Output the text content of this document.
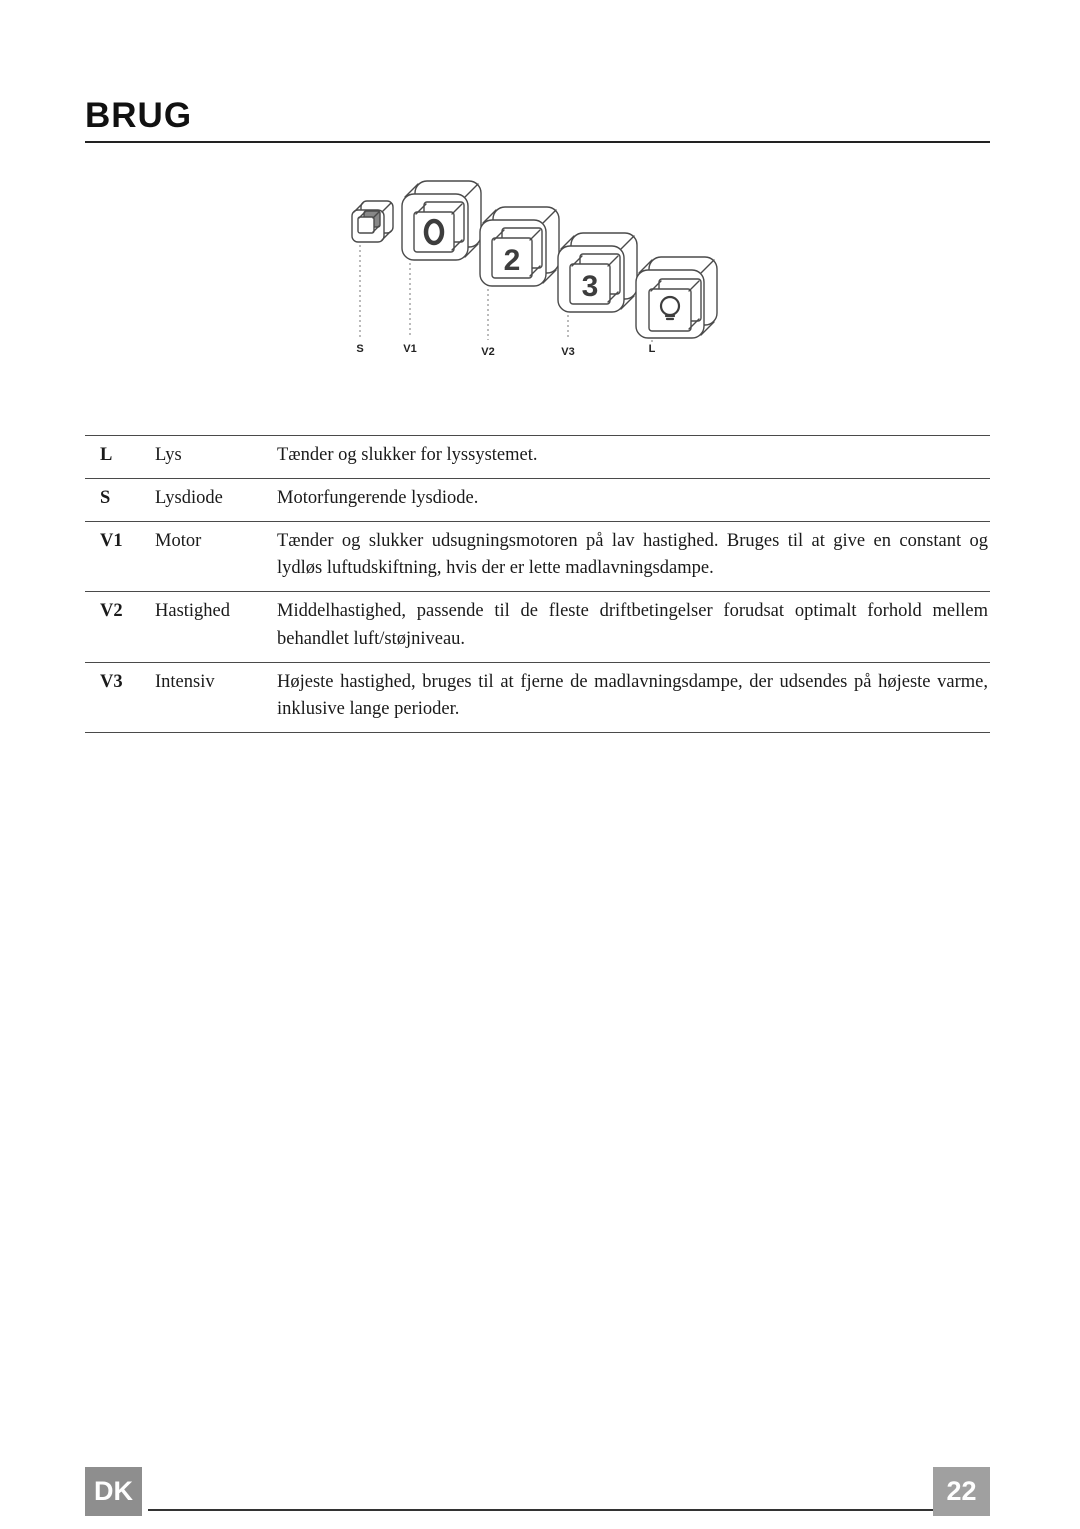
BRUG
2
3
S	V1	V2	V3	L
L	Lys	Tænder og slukker for lyssystemet.
S	Lysdiode	Motorfungerende lysdiode.
V1	Motor	Tænder og slukker udsugningsmotoren på lav hastighed. Bruges til at give en constant og lydløs luftudskiftning, hvis der er lette madlavningsdampe.
V2	Hastighed	Middelhastighed, passende til de fleste driftbetingelser forudsat optimalt forhold mellem behandlet luft/støjniveau.
V3	Intensiv	Højeste hastighed, bruges til at fjerne de madlavningsdampe, der udsendes på højeste varme, inklusive lange perioder.
DK	22
